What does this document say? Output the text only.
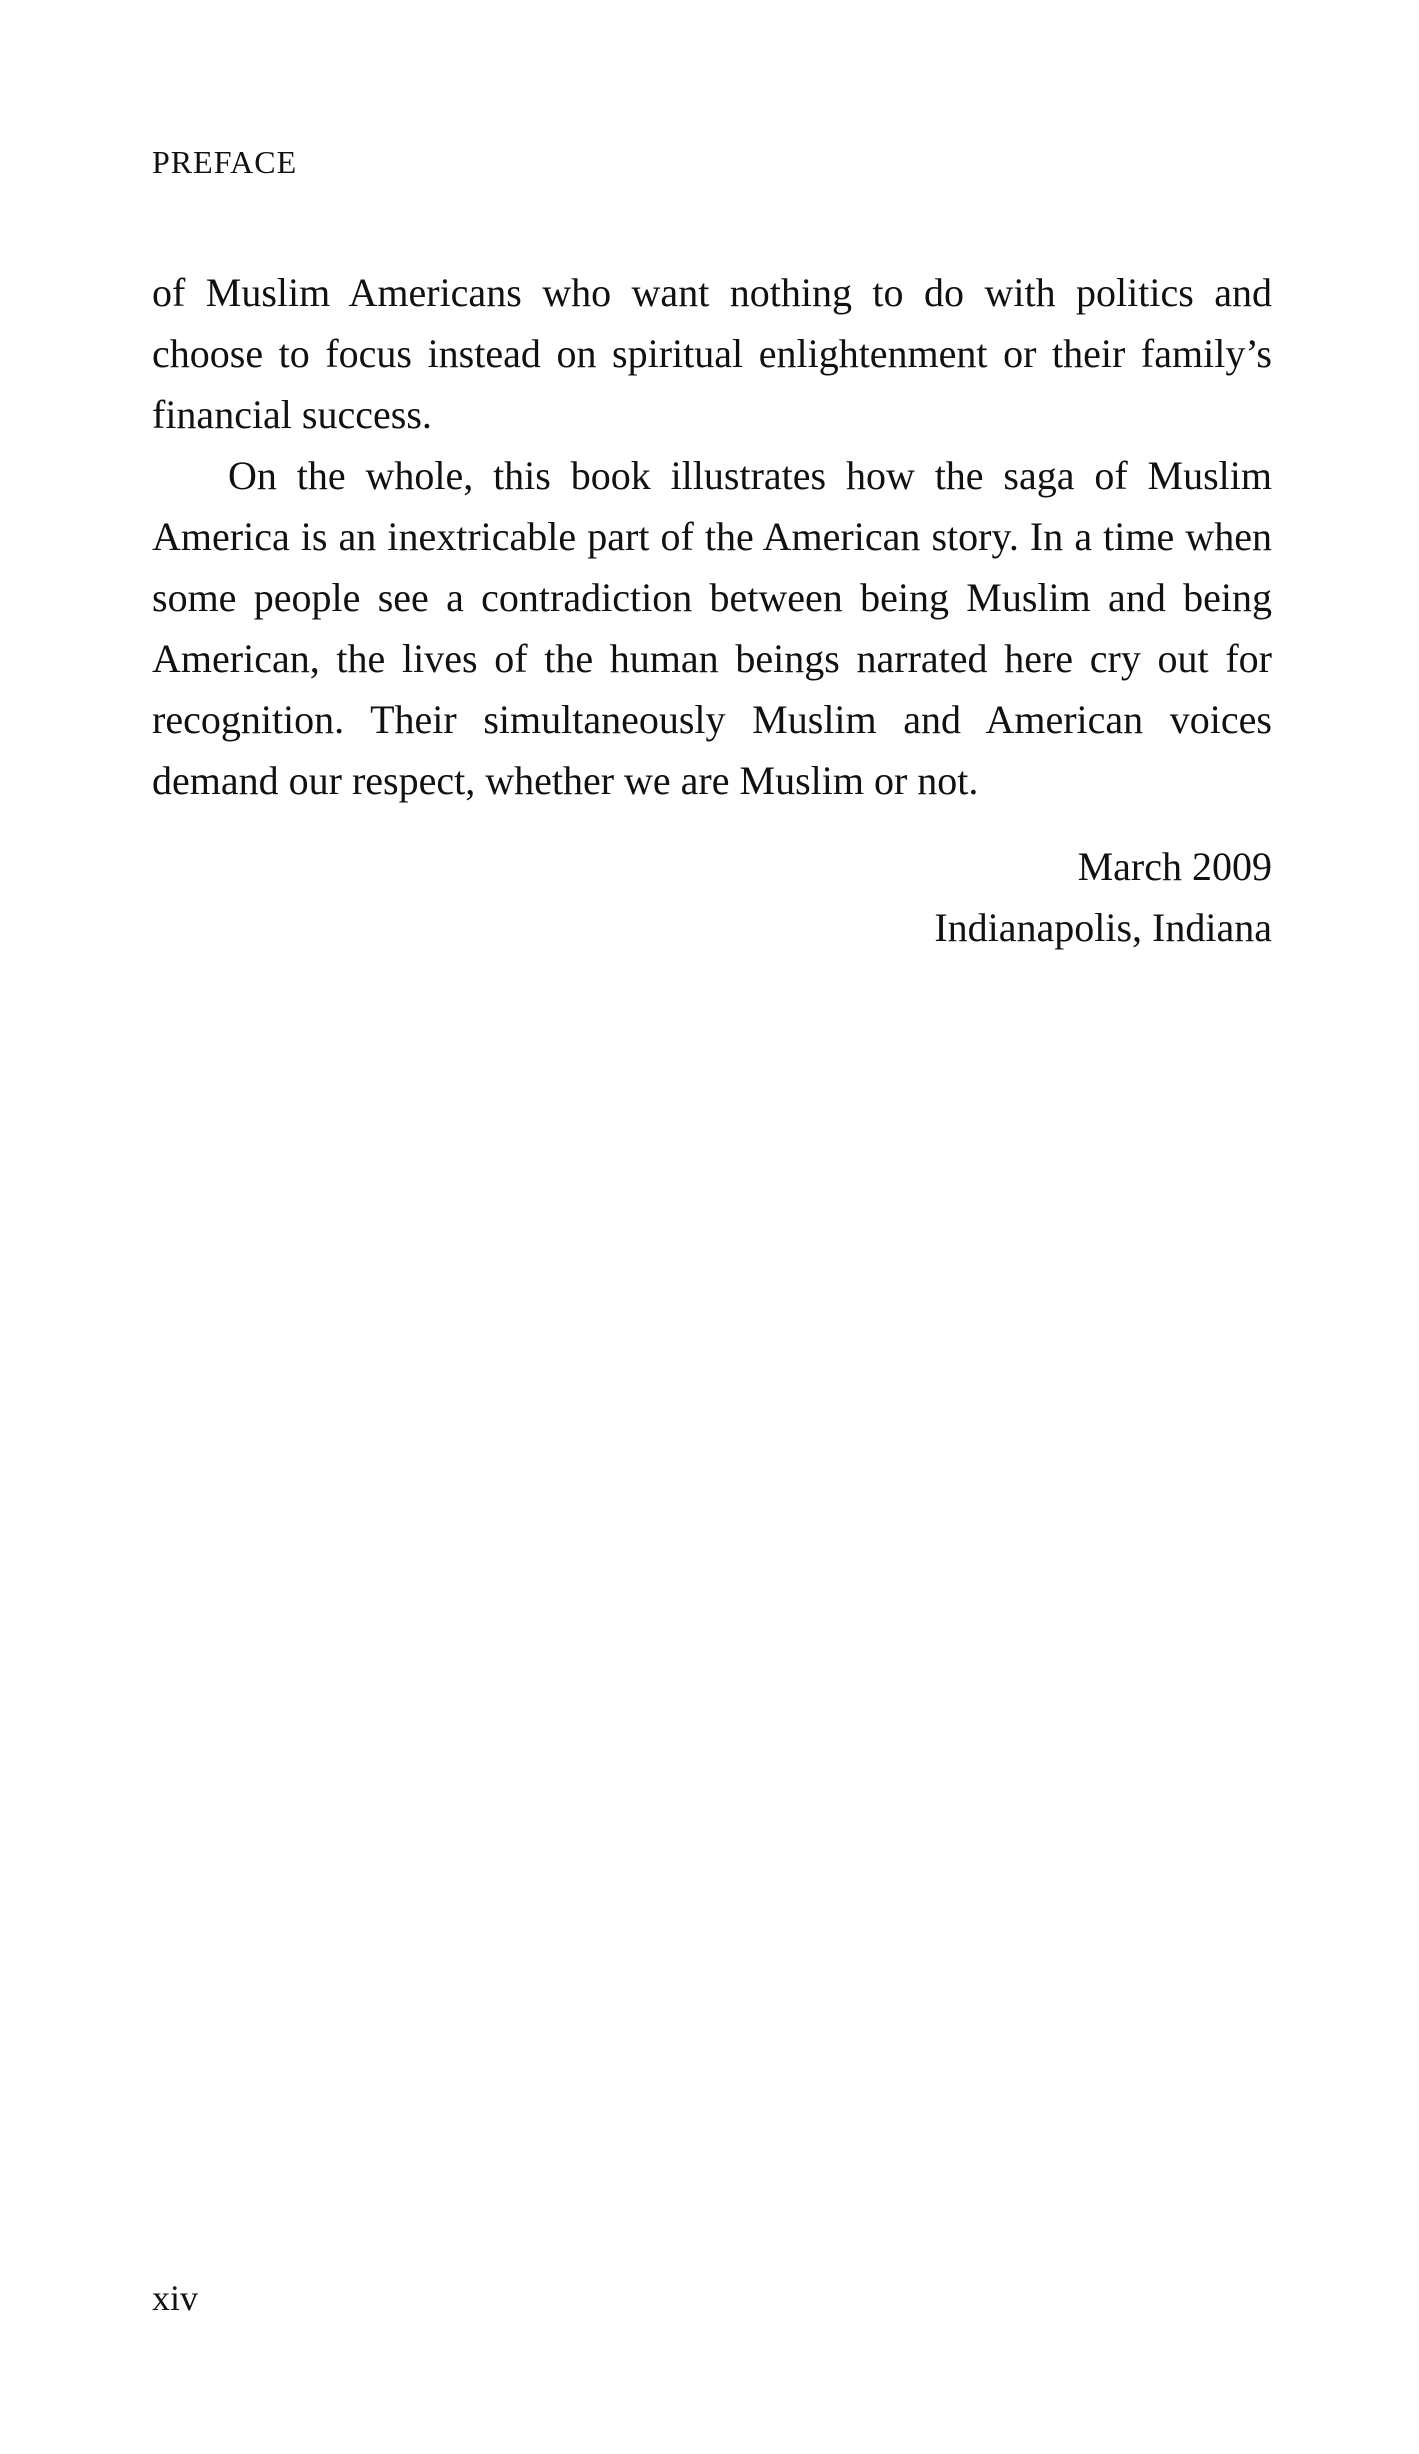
PREFACE

of Muslim Americans who want nothing to do with politics and choose to focus instead on spiritual enlightenment or their family’s financial success.

On the whole, this book illustrates how the saga of Muslim America is an inextricable part of the American story. In a time when some people see a contradiction between being Muslim and being American, the lives of the human beings narrated here cry out for recognition. Their simultaneously Muslim and American voices demand our respect, whether we are Muslim or not.

March 2009
Indianapolis, Indiana
xiv
